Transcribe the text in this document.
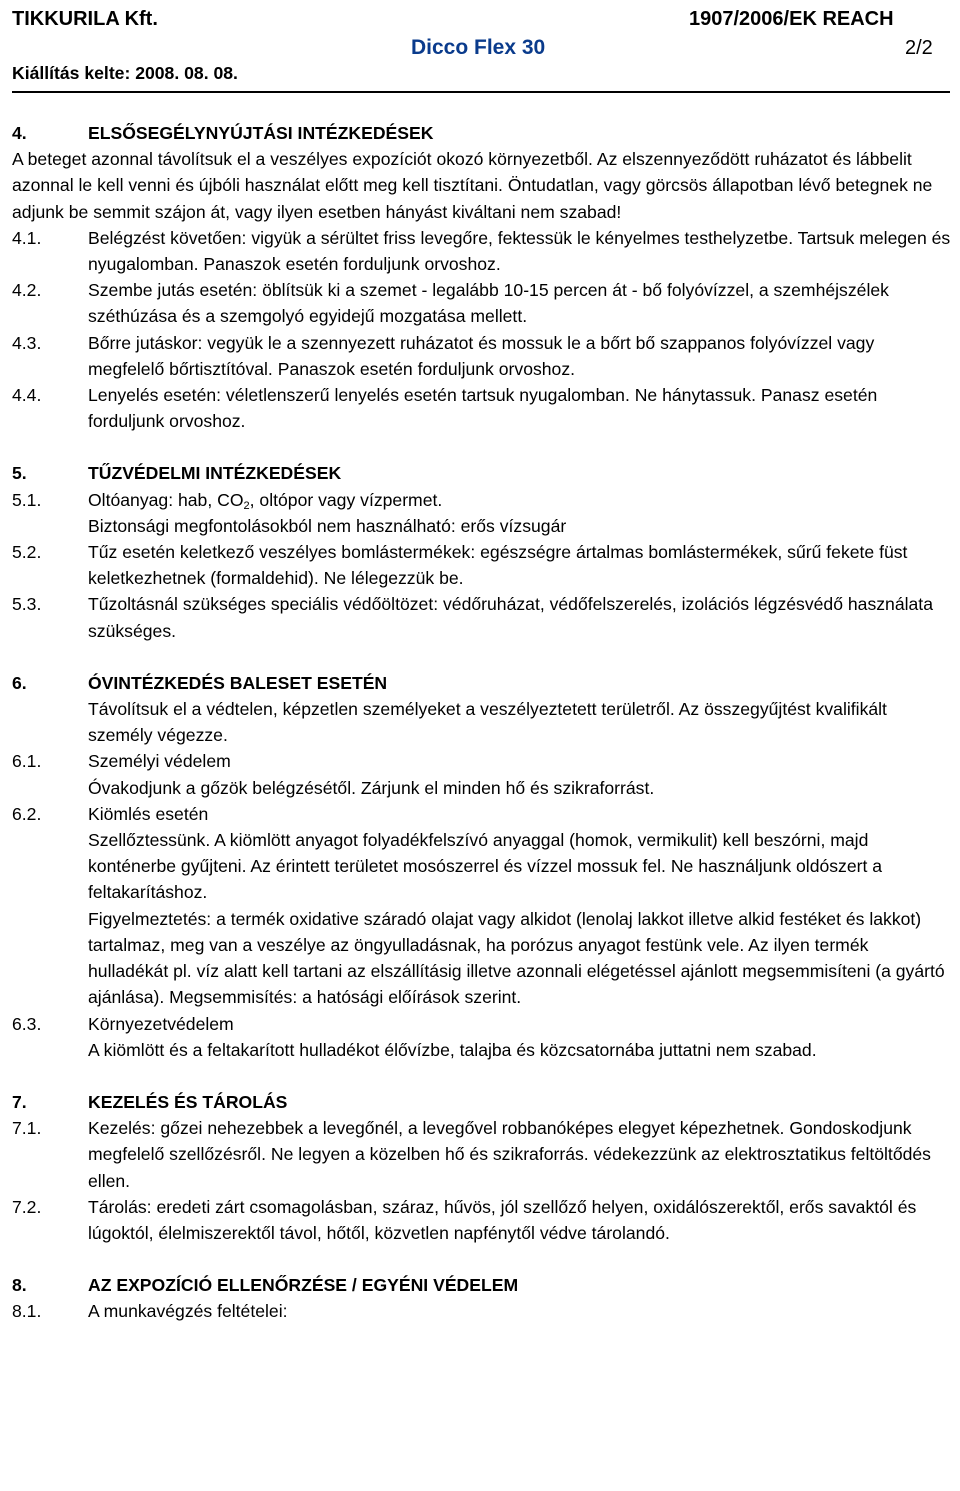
TIKKURILA Kft.	1907/2006/EK REACH
Dicco Flex 30	2/2
Kiállítás kelte: 2008. 08. 08.
4.	ELSŐSEGÉLYNYÚJTÁSI INTÉZKEDÉSEK

A beteget azonnal távolítsuk el a veszélyes expozíciót okozó környezetből. Az elszennyeződött ruházatot és lábbelit azonnal le kell venni és újbóli használat előtt meg kell tisztítani. Öntudatlan, vagy görcsös állapotban lévő betegnek ne adjunk be semmit szájon át, vagy ilyen esetben hányást kiváltani nem szabad!

4.1.	Belégzést követően: vigyük a sérültet friss levegőre, fektessük le kényelmes testhelyzetbe. Tartsuk melegen és nyugalomban. Panaszok esetén forduljunk orvoshoz.
4.2.	Szembe jutás esetén: öblítsük ki a szemet - legalább 10-15 percen át - bő folyóvízzel, a szemhéjszélek széthúzása és a szemgolyó egyidejű mozgatása mellett.
4.3.	Bőrre jutáskor: vegyük le a szennyezett ruházatot és mossuk le a bőrt bő szappanos folyóvízzel vagy megfelelő bőrtisztítóval. Panaszok esetén forduljunk orvoshoz.
4.4.	Lenyelés esetén: véletlenszerű lenyelés esetén tartsuk nyugalomban. Ne hánytassuk. Panasz esetén forduljunk orvoshoz.
5.	TŰZVÉDELMI INTÉZKEDÉSEK
5.1.	Oltóanyag: hab, $CO_2$, oltópor vagy vízpermet.
Biztonsági megfontolásokból nem használható: erős vízsugár
5.2.	Tűz esetén keletkező veszélyes bomlástermékek: egészségre ártalmas bomlástermékek, sűrű fekete füst keletkezhetnek (formaldehid). Ne lélegezzük be.
5.3.	Tűzoltásnál szükséges speciális védőöltözet: védőruházat, védőfelszerelés, izolációs légzésvédő használata szükséges.
6.	ÓVINTÉZKEDÉS BALESET ESETÉN

Távolítsuk el a védtelen, képzetlen személyeket a veszélyeztetett területről. Az összegyűjtést kvalifikált személy végezze.

6.1.	Személyi védelem
Óvakodjunk a gőzök belégzésétől. Zárjunk el minden hő és szikraforrást.
6.2.	Kiömlés esetén
Szellőztessünk. A kiömlött anyagot folyadékfelszívó anyaggal (homok, vermikulit) kell beszórni, majd konténerbe gyűjteni. Az érintett területet mosószerrel és vízzel mossuk fel. Ne használjunk oldószert a feltakarításhoz.
Figyelmeztetés: a termék oxidative száradó olajat vagy alkidot (lenolaj lakkot illetve alkid festéket és lakkot) tartalmaz, meg van a veszélye az öngyulladásnak, ha porózus anyagot festünk vele. Az ilyen termék hulladékát pl. víz alatt kell tartani az elszállításig illetve azonnali elégetéssel ajánlott megsemmisíteni (a gyártó ajánlása). Megsemmisítés: a hatósági előírások szerint.
6.3.	Környezetvédelem
A kiömlött és a feltakarított hulladékot élővízbe, talajba és közcsatornába juttatni nem szabad.
7.	KEZELÉS ÉS TÁROLÁS
7.1.	Kezelés: gőzei nehezebbek a levegőnél, a levegővel robbanóképes elegyet képezhetnek. Gondoskodjunk megfelelő szellőzésről. Ne legyen a közelben hő és szikraforrás. védekezzünk az elektrosztatikus feltöltődés ellen.
7.2.	Tárolás: eredeti zárt csomagolásban, száraz, hűvös, jól szellőző helyen, oxidálószerektől, erős savaktól és lúgoktól, élelmiszerektől távol, hőtől, közvetlen napfénytől védve tárolandó.
8.	AZ EXPOZÍCIÓ ELLENŐRZÉSE / EGYÉNI VÉDELEM
8.1.	A munkavégzés feltételei:
